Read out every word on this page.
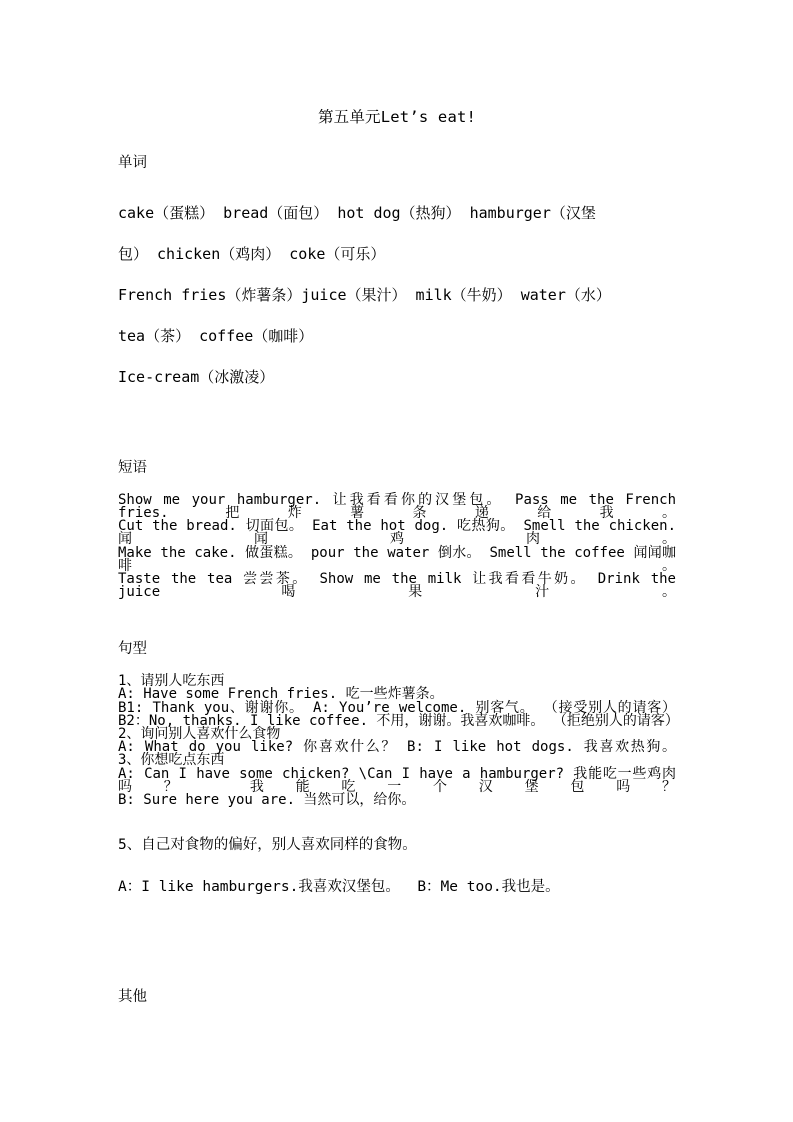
第五单元Let’s eat!
单词
cake（蛋糕） bread（面包） hot dog（热狗） hamburger（汉堡
包） chicken（鸡肉） coke（可乐）
French fries（炸薯条）juice（果汁） milk（牛奶） water（水）
tea（茶） coffee（咖啡）
Ice-cream（冰激凌）
短语

Show me your hamburger. 让我看看你的汉堡包。 Pass me the French fries. 把炸薯条递给我。

Cut the bread. 切面包。 Eat the hot dog. 吃热狗。 Smell the chicken. 闻闻鸡肉。

Make the cake. 做蛋糕。 pour the water 倒水。 Smell the coffee 闻闻咖啡。

Taste the tea 尝尝茶。 Show me the milk 让我看看牛奶。 Drink the juice 喝果汁。

句型

1、请别人吃东西

A: Have some French fries. 吃一些炸薯条。

B1: Thank you、谢谢你。 A: You’re welcome. 别客气。 （接受别人的请客）

B2：No, thanks. I like coffee. 不用，谢谢。我喜欢咖啡。 （拒绝别人的请客）

2、询问别人喜欢什么食物

A: What do you like? 你喜欢什么？ B: I like hot dogs. 我喜欢热狗。

3、你想吃点东西

A: Can I have some chicken? \Can I have a hamburger? 我能吃一些鸡肉吗？ 我能吃一个汉堡包吗？

B: Sure here you are. 当然可以，给你。

5、自己对食物的偏好，别人喜欢同样的食物。
A：I like hamburgers.我喜欢汉堡包。  B：Me too.我也是。
其他
